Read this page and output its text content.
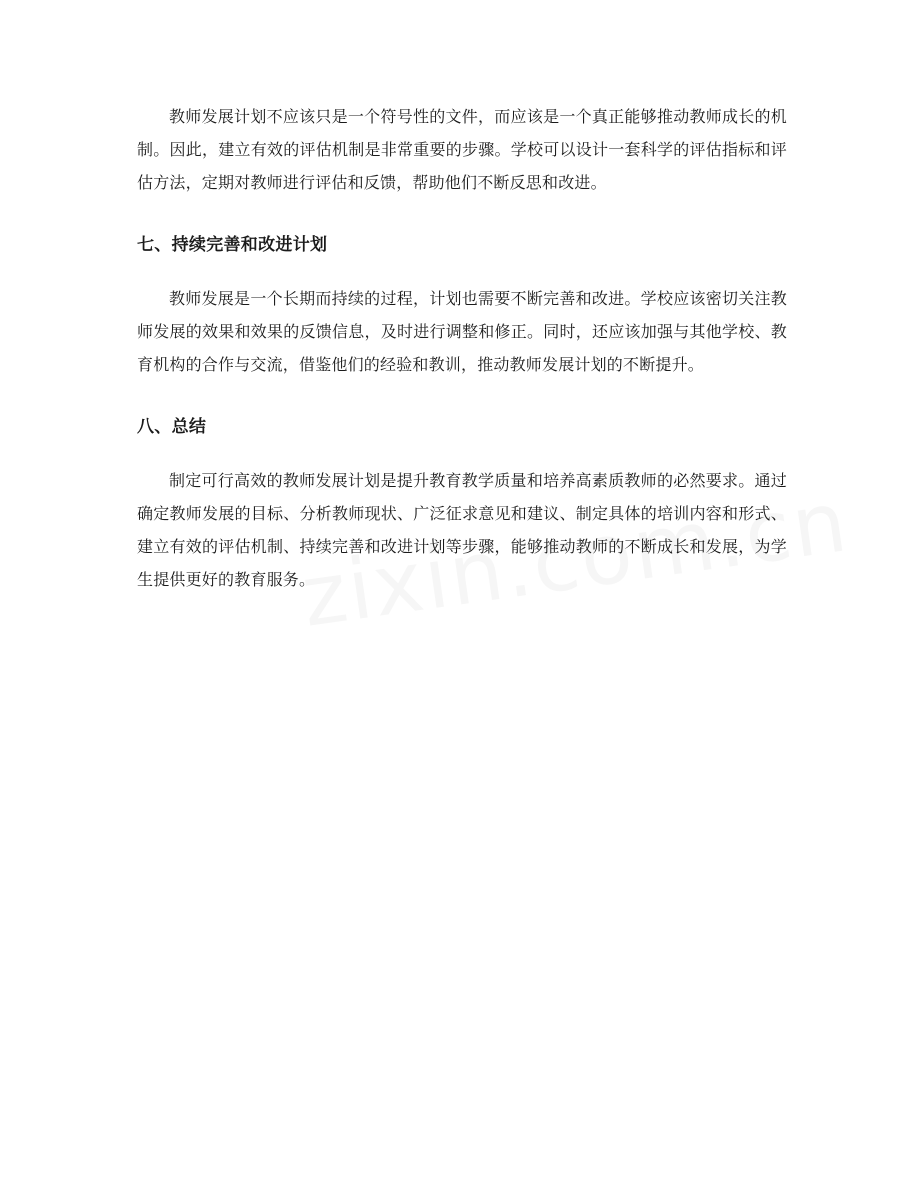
教师发展计划不应该只是一个符号性的文件，而应该是一个真正能够推动教师成长的机制。因此，建立有效的评估机制是非常重要的步骤。学校可以设计一套科学的评估指标和评估方法，定期对教师进行评估和反馈，帮助他们不断反思和改进。

七、持续完善和改进计划

教师发展是一个长期而持续的过程，计划也需要不断完善和改进。学校应该密切关注教师发展的效果和效果的反馈信息，及时进行调整和修正。同时，还应该加强与其他学校、教育机构的合作与交流，借鉴他们的经验和教训，推动教师发展计划的不断提升。

八、总结

制定可行高效的教师发展计划是提升教育教学质量和培养高素质教师的必然要求。通过确定教师发展的目标、分析教师现状、广泛征求意见和建议、制定具体的培训内容和形式、建立有效的评估机制、持续完善和改进计划等步骤，能够推动教师的不断成长和发展，为学生提供更好的教育服务。
